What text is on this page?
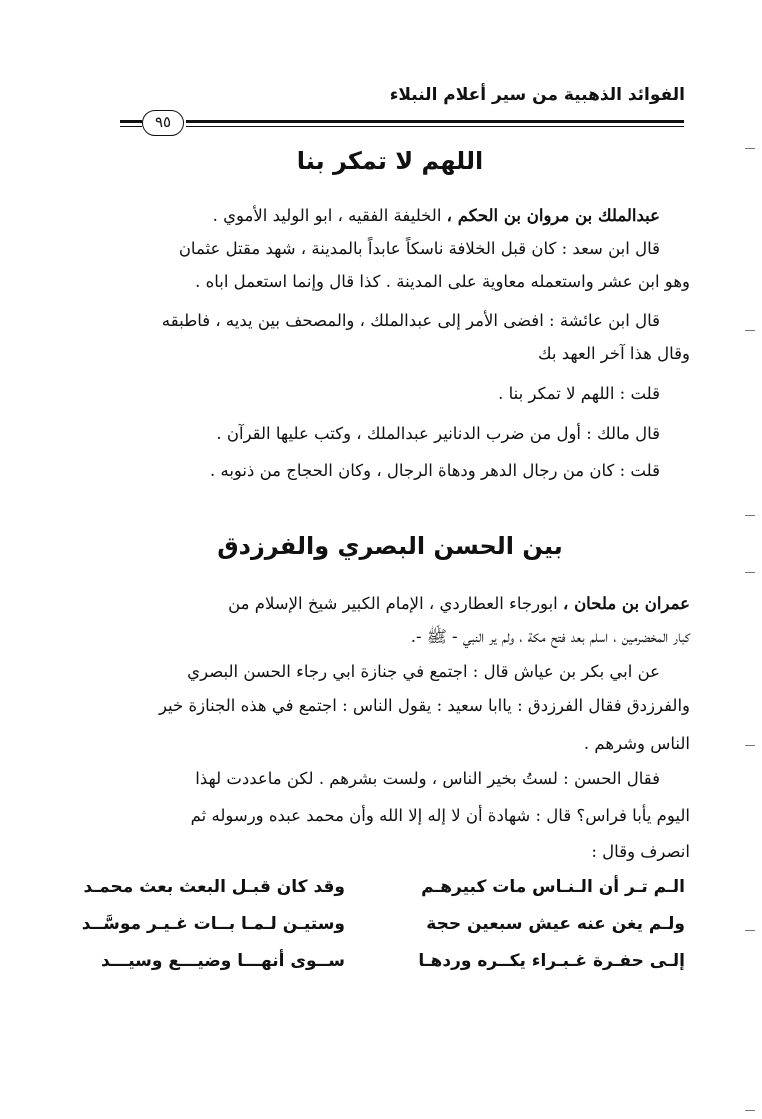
الفوائد الذهبية من سير أعلام النبلاء
٩٥
اللهم لا تمكر بنا
عبدالملك بن مروان بن الحكم ، الخليفة الفقيه ، ابو الوليد الأموي .
قال ابن سعد : كان قبل الخلافة ناسكاً عابداً بالمدينة ، شهد مقتل عثمان
وهو ابن عشر واستعمله معاوية على المدينة . كذا قال وإنما استعمل اباه .
قال ابن عائشة : افضى الأمر إلى عبدالملك ، والمصحف بين يديه ، فاطبقه
وقال هذا آخر العهد بك
قلت : اللهم لا تمكر بنا .
قال مالك : أول من ضرب الدنانير عبدالملك ، وكتب عليها القرآن .
قلت : كان من رجال الدهر ودهاة الرجال ، وكان الحجاج من ذنوبه .
بين الحسن البصري والفرزدق
عمران بن ملحان ، ابورجاء العطاردي ، الإمام الكبير شيخ الإسلام من
كبار المخضرمين ، اسلم بعد فتح مكة ، ولم ير النبي - ﷺ -.
عن ابي بكر بن عياش قال : اجتمع في جنازة ابي رجاء الحسن البصري
والفرزدق فقال الفرزدق : ياابا سعيد : يقول الناس : اجتمع في هذه الجنازة خير
الناس وشرهم .
فقال الحسن : لستُ بخير الناس ، ولست بشرهم . لكن ماعددت لهذا
اليوم يأبا فراس؟ قال : شهادة أن لا إله إلا الله وأن محمد عبده ورسوله ثم
انصرف وقال :
الـم تـر أن الـنـاس مات كبيرهـم
وقد كان قبـل البعث بعث محمـد
ولـم يغن عنه عيش سبعين حجة
وستيـن لـمـا بــات غـيـر موسَّــد
إلـى حفـرة غـبـراء يكــره وردهـا
ســوى أنهـــا وضيـــع وسيـــد
